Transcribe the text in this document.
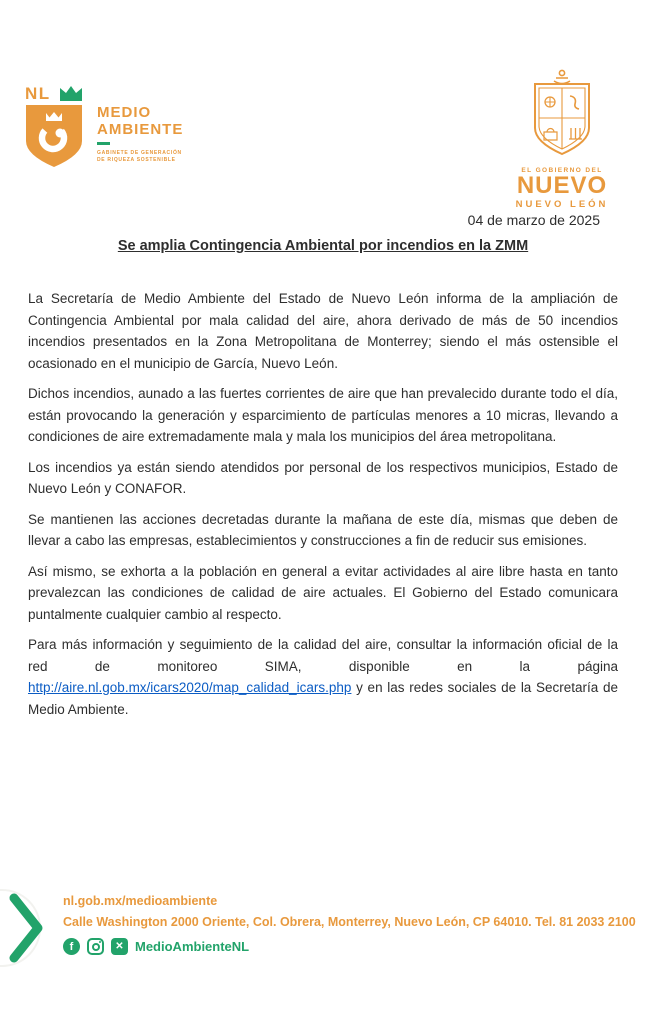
NL
MEDIO
AMBIENTE
GABINETE DE GENERACIÓN
DE RIQUEZA SOSTENIBLE
EL GOBIERNO DEL
NUEVO
NUEVO LEÓN
04 de marzo de 2025
Se amplia Contingencia Ambiental por incendios en la ZMM

La Secretaría de Medio Ambiente del Estado de Nuevo León informa de la ampliación de Contingencia Ambiental por mala calidad del aire, ahora derivado de más de 50 incendios incendios presentados en la Zona Metropolitana de Monterrey; siendo el más ostensible el ocasionado en el municipio de García, Nuevo León.

Dichos incendios, aunado a las fuertes corrientes de aire que han prevalecido durante todo el día, están provocando la generación y esparcimiento de partículas menores a 10 micras, llevando a condiciones de aire extremadamente mala y mala los municipios del área metropolitana.

Los incendios ya están siendo atendidos por personal de los respectivos municipios, Estado de Nuevo León y CONAFOR.

Se mantienen las acciones decretadas durante la mañana de este día, mismas que deben de llevar a cabo las empresas, establecimientos y construcciones a fin de reducir sus emisiones.

Así mismo, se exhorta a la población en general a evitar actividades al aire libre hasta en tanto prevalezcan las condiciones de calidad de aire actuales. El Gobierno del Estado comunicara puntalmente cualquier cambio al respecto.

Para más información y seguimiento de la calidad del aire, consultar la información oficial de la red de monitoreo SIMA, disponible en la página http://aire.nl.gob.mx/icars2020/map_calidad_icars.php y en las redes sociales de la Secretaría de Medio Ambiente.

nl.gob.mx/medioambiente
Calle Washington 2000 Oriente, Col. Obrera, Monterrey, Nuevo León, CP 64010. Tel. 81 2033 2100
f	✕ MedioAmbienteNL
